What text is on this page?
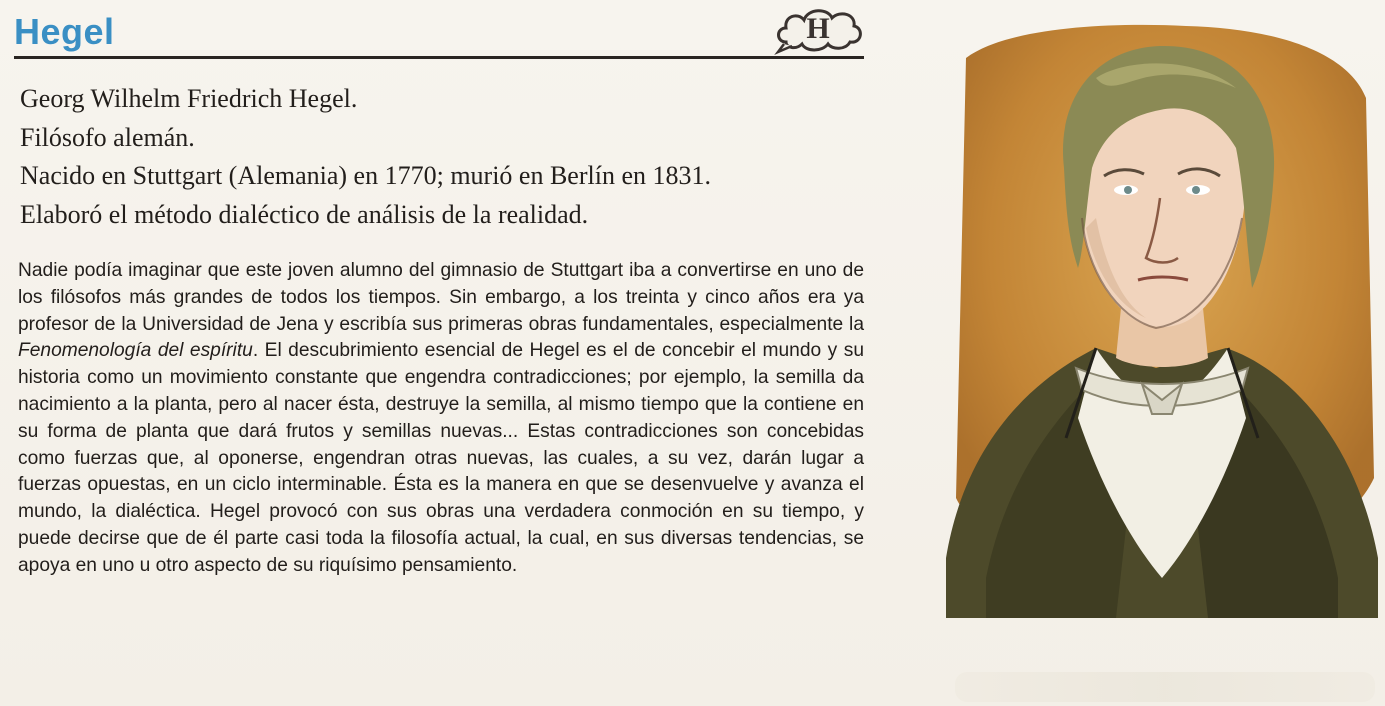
Hegel	H
Georg Wilhelm Friedrich Hegel.
Filósofo alemán.
Nacido en Stuttgart (Alemania) en 1770; murió en Berlín en 1831.
Elaboró el método dialéctico de análisis de la realidad.

Nadie podía imaginar que este joven alumno del gimnasio de Stuttgart iba a convertirse en uno de los filósofos más grandes de todos los tiempos. Sin embargo, a los treinta y cinco años era ya profesor de la Universidad de Jena y escribía sus primeras obras fundamentales, especialmente la Fenomenología del espíritu. El descubrimiento esencial de Hegel es el de concebir el mundo y su historia como un movimiento constante que engendra contradicciones; por ejemplo, la semilla da nacimiento a la planta, pero al nacer ésta, destruye la semilla, al mismo tiempo que la contiene en su forma de planta que dará frutos y semillas nuevas... Estas contradicciones son concebidas como fuerzas que, al oponerse, engendran otras nuevas, las cuales, a su vez, darán lugar a fuerzas opuestas, en un ciclo interminable. Ésta es la manera en que se desenvuelve y avanza el mundo, la dialéctica. Hegel provocó con sus obras una verdadera conmoción en su tiempo, y puede decirse que de él parte casi toda la filosofía actual, la cual, en sus diversas tendencias, se apoya en uno u otro aspecto de su riquísimo pensamiento.
